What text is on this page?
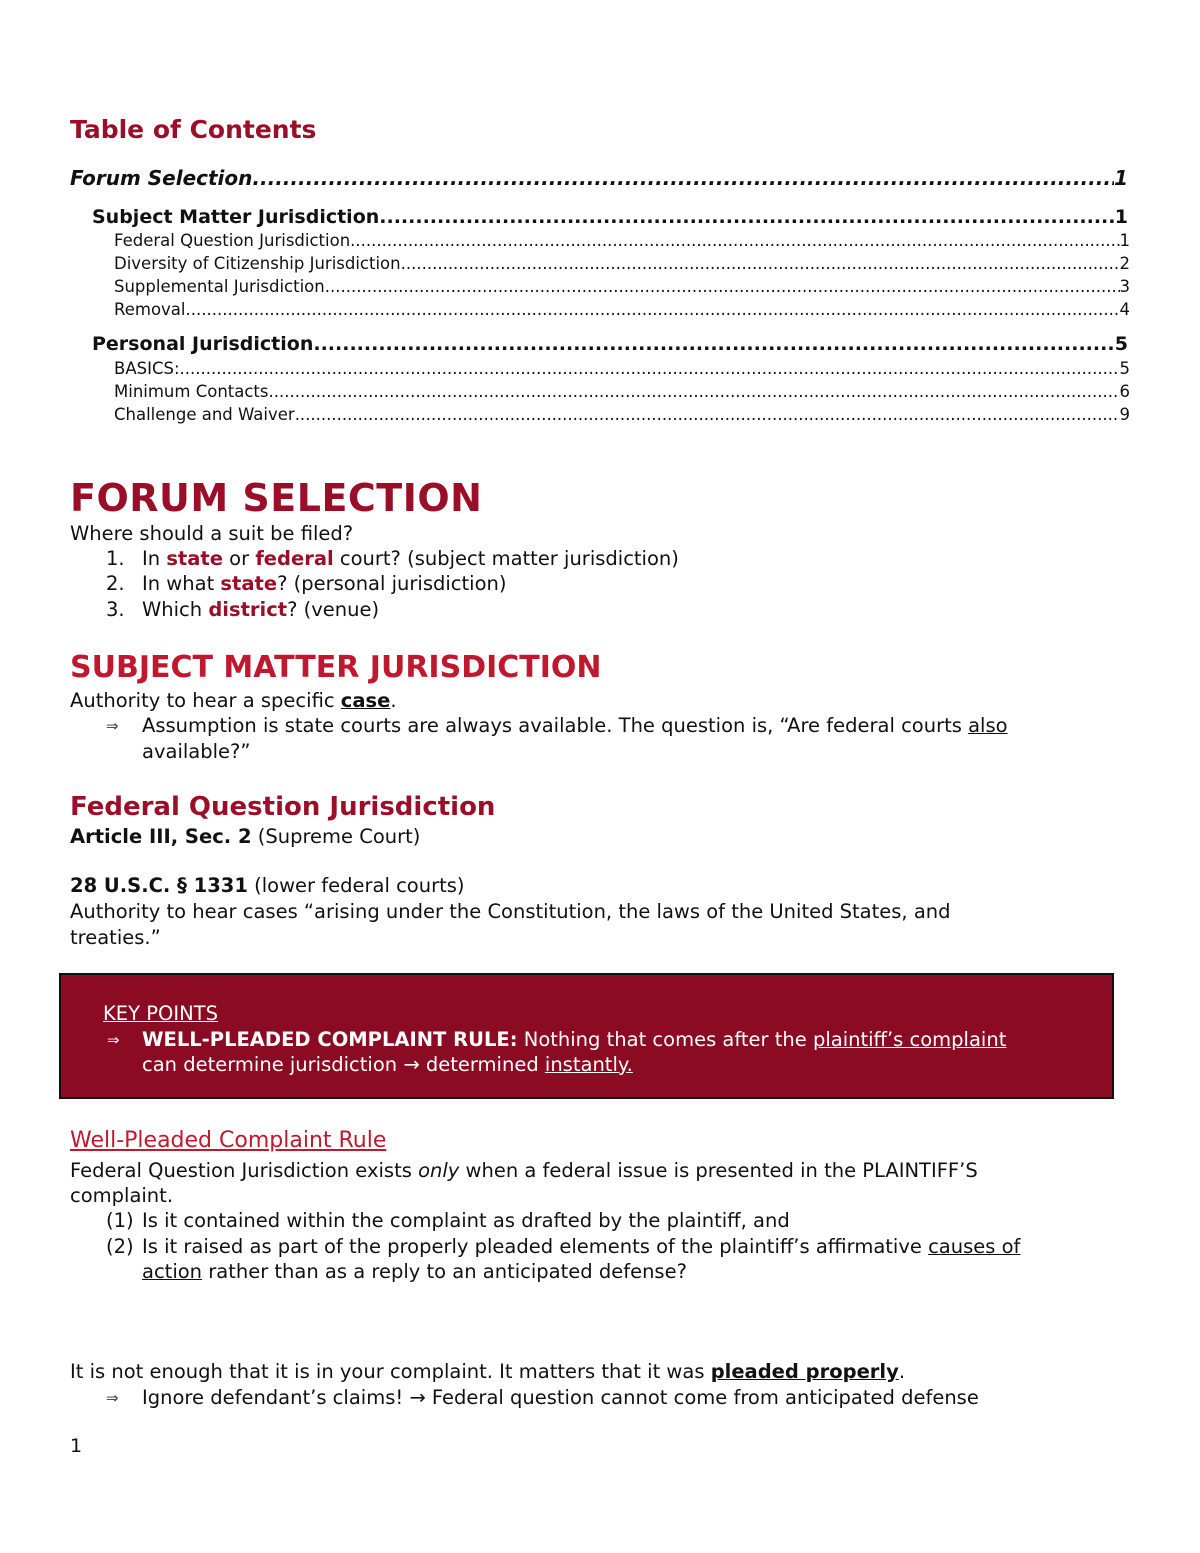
Table of Contents
Forum Selection .....	1
Subject Matter Jurisdiction .....	1
Federal Question Jurisdiction .....	1
Diversity of Citizenship Jurisdiction .....	2
Supplemental Jurisdiction .....	3
Removal .....	4
Personal Jurisdiction .....	5
BASICS: .....	5
Minimum Contacts .....	6
Challenge and Waiver .....	9
FORUM SELECTION

Where should a suit be filed?

1. In state or federal court? (subject matter jurisdiction)

2. In what state? (personal jurisdiction)

3. Which district? (venue)

SUBJECT MATTER JURISDICTION

Authority to hear a specific case.

⇒ Assumption is state courts are always available. The question is, “Are federal courts also

available?”

Federal Question Jurisdiction

Article III, Sec. 2 (Supreme Court)

28 U.S.C. § 1331 (lower federal courts)

Authority to hear cases “arising under the Constitution, the laws of the United States, and

treaties.”

KEY POINTS

⇒ WELL-PLEADED COMPLAINT RULE: Nothing that comes after the plaintiff’s complaint

can determine jurisdiction → determined instantly.

Well-Pleaded Complaint Rule

Federal Question Jurisdiction exists only when a federal issue is presented in the PLAINTIFF’S

complaint.

(1) Is it contained within the complaint as drafted by the plaintiff, and

(2) Is it raised as part of the properly pleaded elements of the plaintiff’s affirmative causes of

action rather than as a reply to an anticipated defense?

It is not enough that it is in your complaint. It matters that it was pleaded properly.

⇒ Ignore defendant’s claims! → Federal question cannot come from anticipated defense

1
